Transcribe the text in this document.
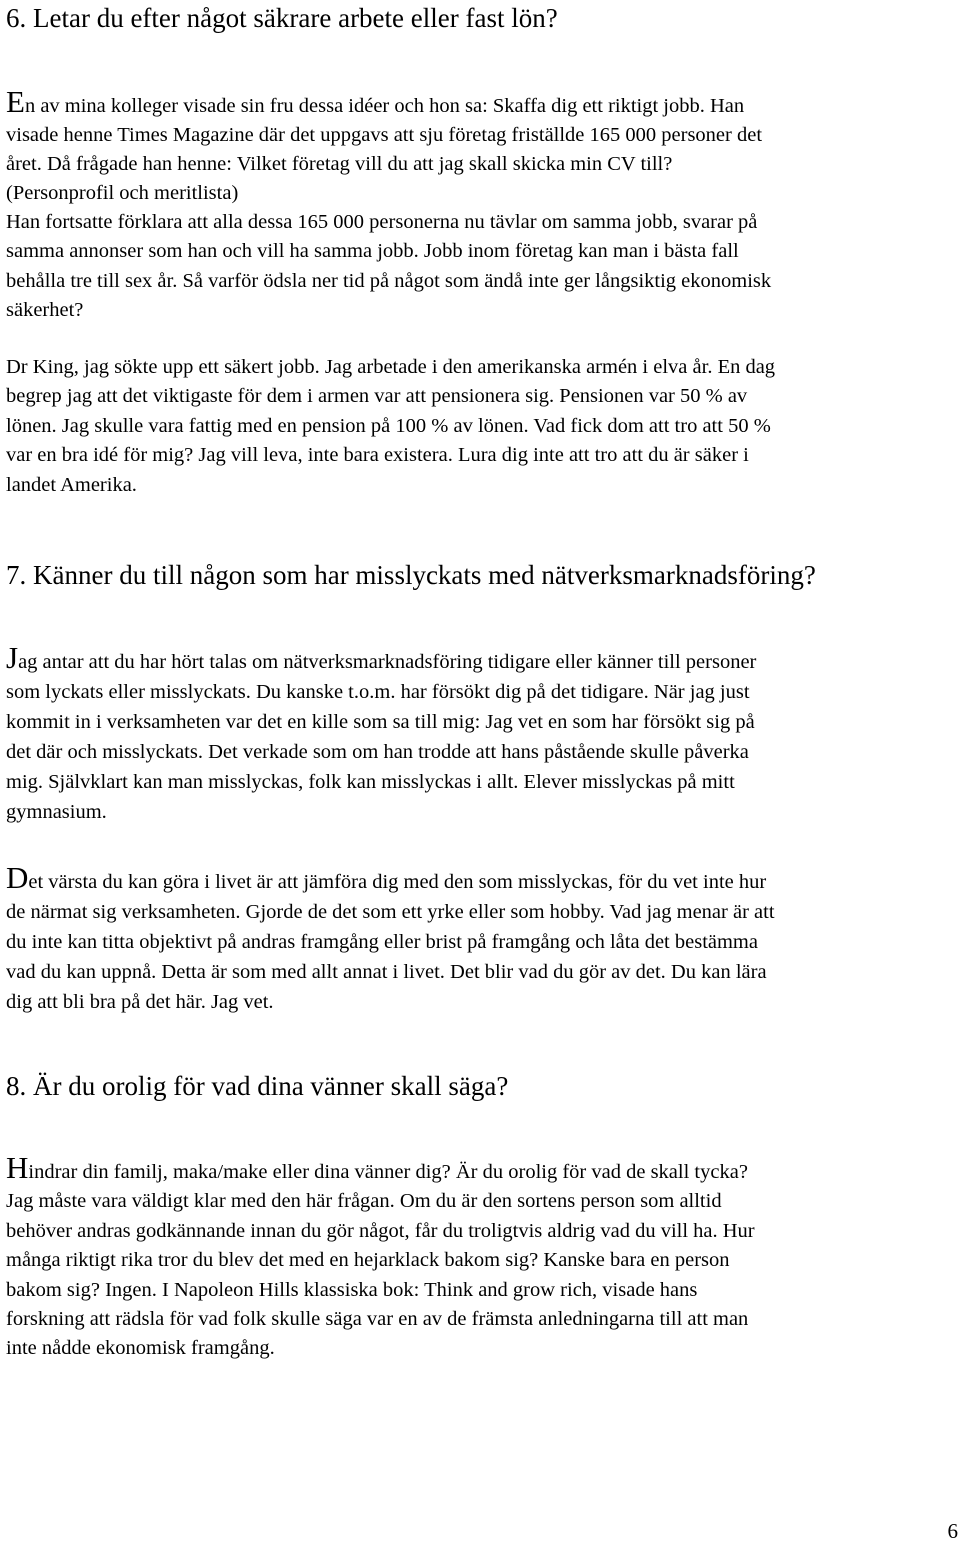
6. Letar du efter något säkrare arbete eller fast lön?
En av mina kolleger visade sin fru dessa idéer och hon sa: Skaffa dig ett riktigt jobb. Han
visade henne Times Magazine där det uppgavs att sju företag friställde 165 000 personer det
året. Då frågade han henne: Vilket företag vill du att jag skall skicka min CV till?
(Personprofil och meritlista)
Han fortsatte förklara att alla dessa 165 000 personerna nu tävlar om samma jobb, svarar på
samma annonser som han och vill ha samma jobb. Jobb inom företag kan man i bästa fall
behålla tre till sex år. Så varför ödsla ner tid på något som ändå inte ger långsiktig ekonomisk
säkerhet?
Dr King, jag sökte upp ett säkert jobb. Jag arbetade i den amerikanska armén i elva år. En dag
begrep jag att det viktigaste för dem i armen var att pensionera sig. Pensionen var 50 % av
lönen. Jag skulle vara fattig med en pension på 100 % av lönen. Vad fick dom att tro att 50 %
var en bra idé för mig? Jag vill leva, inte bara existera. Lura dig inte att tro att du är säker i
landet Amerika.
7. Känner du till någon som har misslyckats med nätverksmarknadsföring?
Jag antar att du har hört talas om nätverksmarknadsföring tidigare eller känner till personer
som lyckats eller misslyckats. Du kanske t.o.m. har försökt dig på det tidigare. När jag just
kommit in i verksamheten var det en kille som sa till mig: Jag vet en som har försökt sig på
det där och misslyckats. Det verkade som om han trodde att hans påstående skulle påverka
mig. Självklart kan man misslyckas, folk kan misslyckas i allt. Elever misslyckas på mitt
gymnasium.
Det värsta du kan göra i livet är att jämföra dig med den som misslyckas, för du vet inte hur
de närmat sig verksamheten. Gjorde de det som ett yrke eller som hobby. Vad jag menar är att
du inte kan titta objektivt på andras framgång eller brist på framgång och låta det bestämma
vad du kan uppnå. Detta är som med allt annat i livet. Det blir vad du gör av det. Du kan lära
dig att bli bra på det här. Jag vet.
8. Är du orolig för vad dina vänner skall säga?
Hindrar din familj, maka/make eller dina vänner dig? Är du orolig för vad de skall tycka?
Jag måste vara väldigt klar med den här frågan. Om du är den sortens person som alltid
behöver andras godkännande innan du gör något, får du troligtvis aldrig vad du vill ha. Hur
många riktigt rika tror du blev det med en hejarklack bakom sig? Kanske bara en person
bakom sig? Ingen. I Napoleon Hills klassiska bok: Think and grow rich, visade hans
forskning att rädsla för vad folk skulle säga var en av de främsta anledningarna till att man
inte nådde ekonomisk framgång.
6
